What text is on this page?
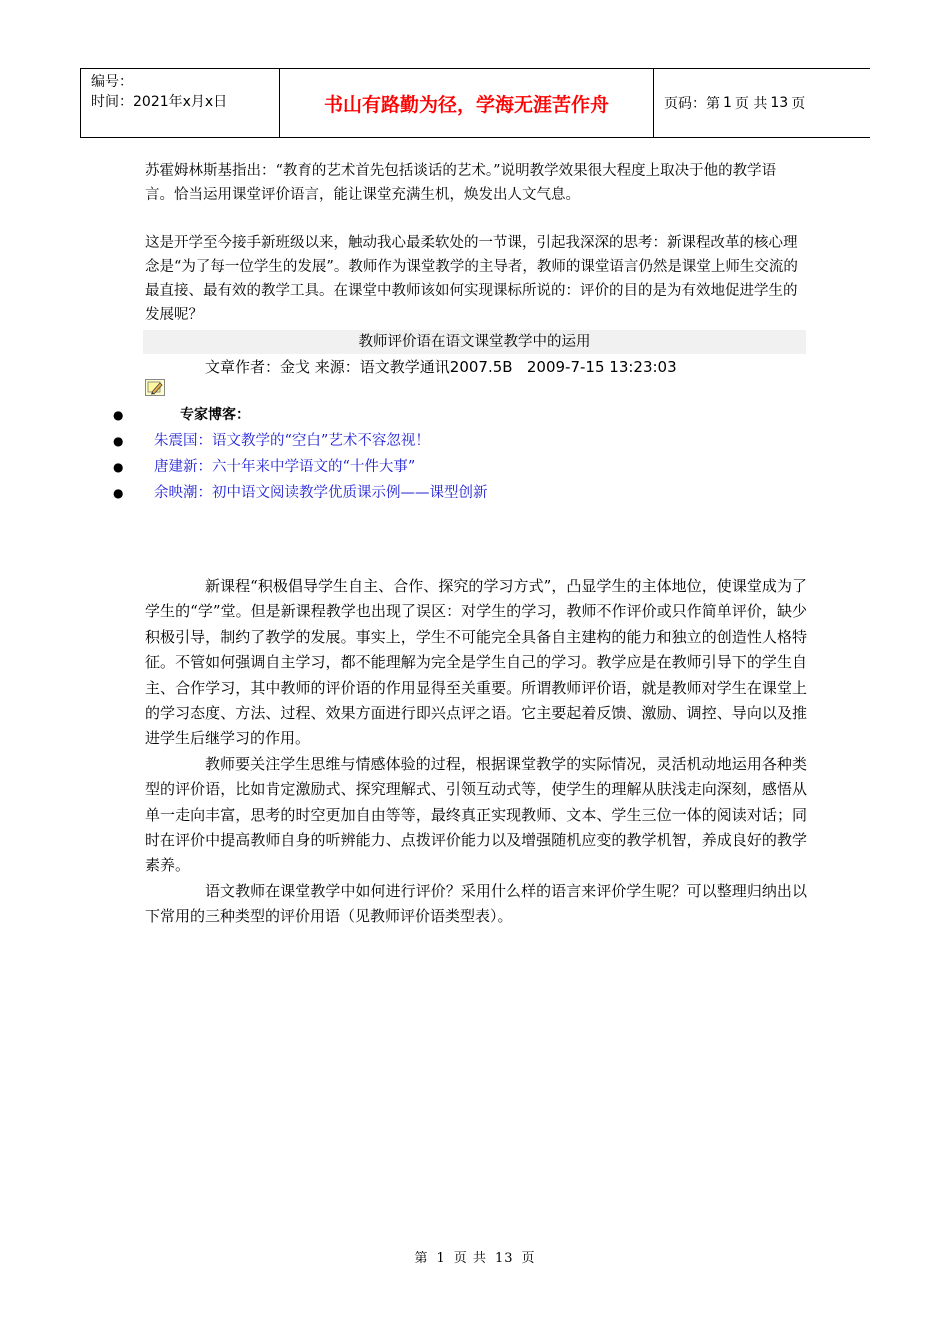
编号：
时间：2021年x月x日	书山有路勤为径，学海无涯苦作舟	页码：第 1 页 共 13 页
苏霍姆林斯基指出：“教育的艺术首先包括谈话的艺术。”说明教学效果很大程度上取决于他的教学语言。恰当运用课堂评价语言，能让课堂充满生机，焕发出人文气息。
这是开学至今接手新班级以来，触动我心最柔软处的一节课，引起我深深的思考：新课程改革的核心理念是“为了每一位学生的发展”。教师作为课堂教学的主导者，教师的课堂语言仍然是课堂上师生交流的最直接、最有效的教学工具。在课堂中教师该如何实现课标所说的：评价的目的是为有效地促进学生的发展呢？
教师评价语在语文课堂教学中的运用
文章作者：金戈 来源：语文教学通讯2007.5B 2009-7-15 13:23:03
●	专家博客：
● 朱震国：语文教学的“空白”艺术不容忽视！
● 唐建新：六十年来中学语文的“十件大事”
● 余映潮：初中语文阅读教学优质课示例——课型创新

新课程“积极倡导学生自主、合作、探究的学习方式”，凸显学生的主体地位，使课堂成为了学生的“学”堂。但是新课程教学也出现了误区：对学生的学习，教师不作评价或只作简单评价，缺少积极引导，制约了教学的发展。事实上，学生不可能完全具备自主建构的能力和独立的创造性人格特征。不管如何强调自主学习，都不能理解为完全是学生自己的学习。教学应是在教师引导下的学生自主、合作学习，其中教师的评价语的作用显得至关重要。所谓教师评价语，就是教师对学生在课堂上的学习态度、方法、过程、效果方面进行即兴点评之语。它主要起着反馈、激励、调控、导向以及推进学生后继学习的作用。

教师要关注学生思维与情感体验的过程，根据课堂教学的实际情况，灵活机动地运用各种类型的评价语，比如肯定激励式、探究理解式、引领互动式等，使学生的理解从肤浅走向深刻，感悟从单一走向丰富，思考的时空更加自由等等，最终真正实现教师、文本、学生三位一体的阅读对话；同时在评价中提高教师自身的听辨能力、点拨评价能力以及增强随机应变的教学机智，养成良好的教学素养。

语文教师在课堂教学中如何进行评价？采用什么样的语言来评价学生呢？可以整理归纳出以下常用的三种类型的评价用语（见教师评价语类型表）。

第 1 页 共 13 页
